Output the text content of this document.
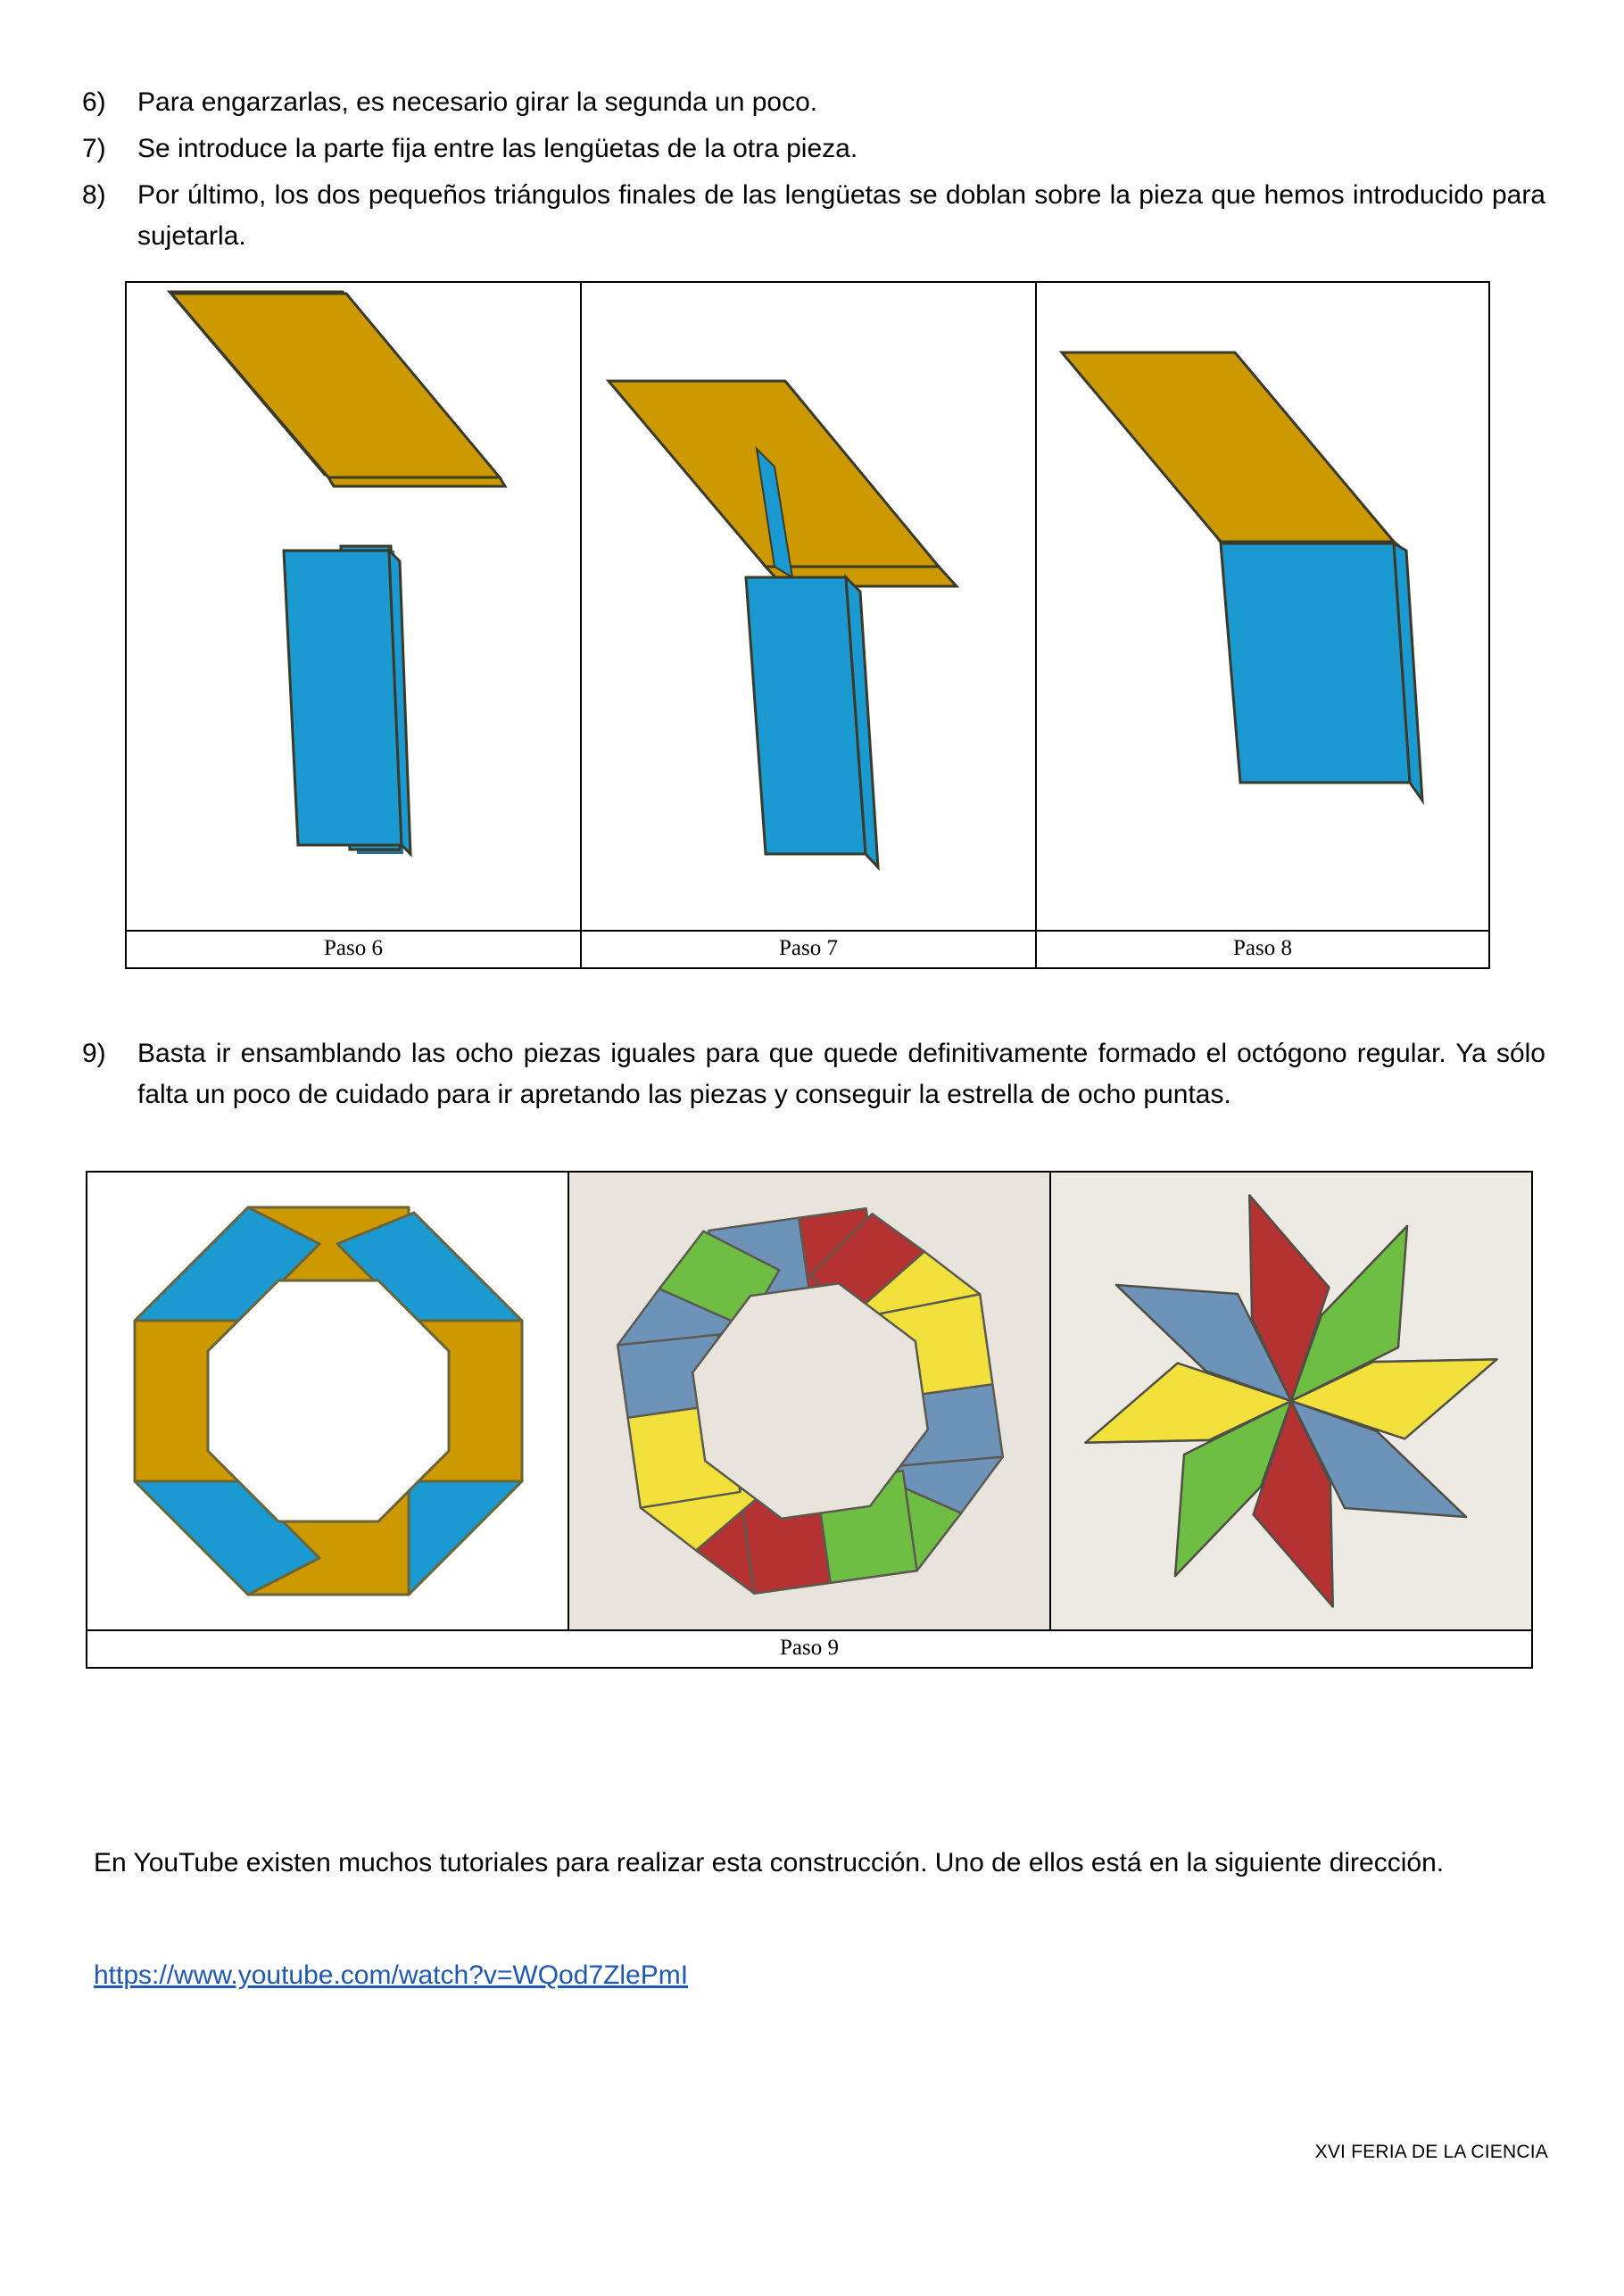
6)	Para engarzarlas, es necesario girar la segunda un poco.
7)	Se introduce la parte fija entre las lengüetas de la otra pieza.
8)	Por último, los dos pequeños triángulos finales de las lengüetas se doblan sobre la pieza que hemos introducido para sujetarla.
Paso 6	Paso 7	Paso 8
9)	Basta ir ensamblando las ocho piezas iguales para que quede definitivamente formado el octógono regular. Ya sólo falta un poco de cuidado para ir apretando las piezas y conseguir la estrella de ocho puntas.
Paso 9
En YouTube existen muchos tutoriales para realizar esta construcción. Uno de ellos está en la siguiente dirección.
https://www.youtube.com/watch?v=WQod7ZlePmI
XVI FERIA DE LA CIENCIA
